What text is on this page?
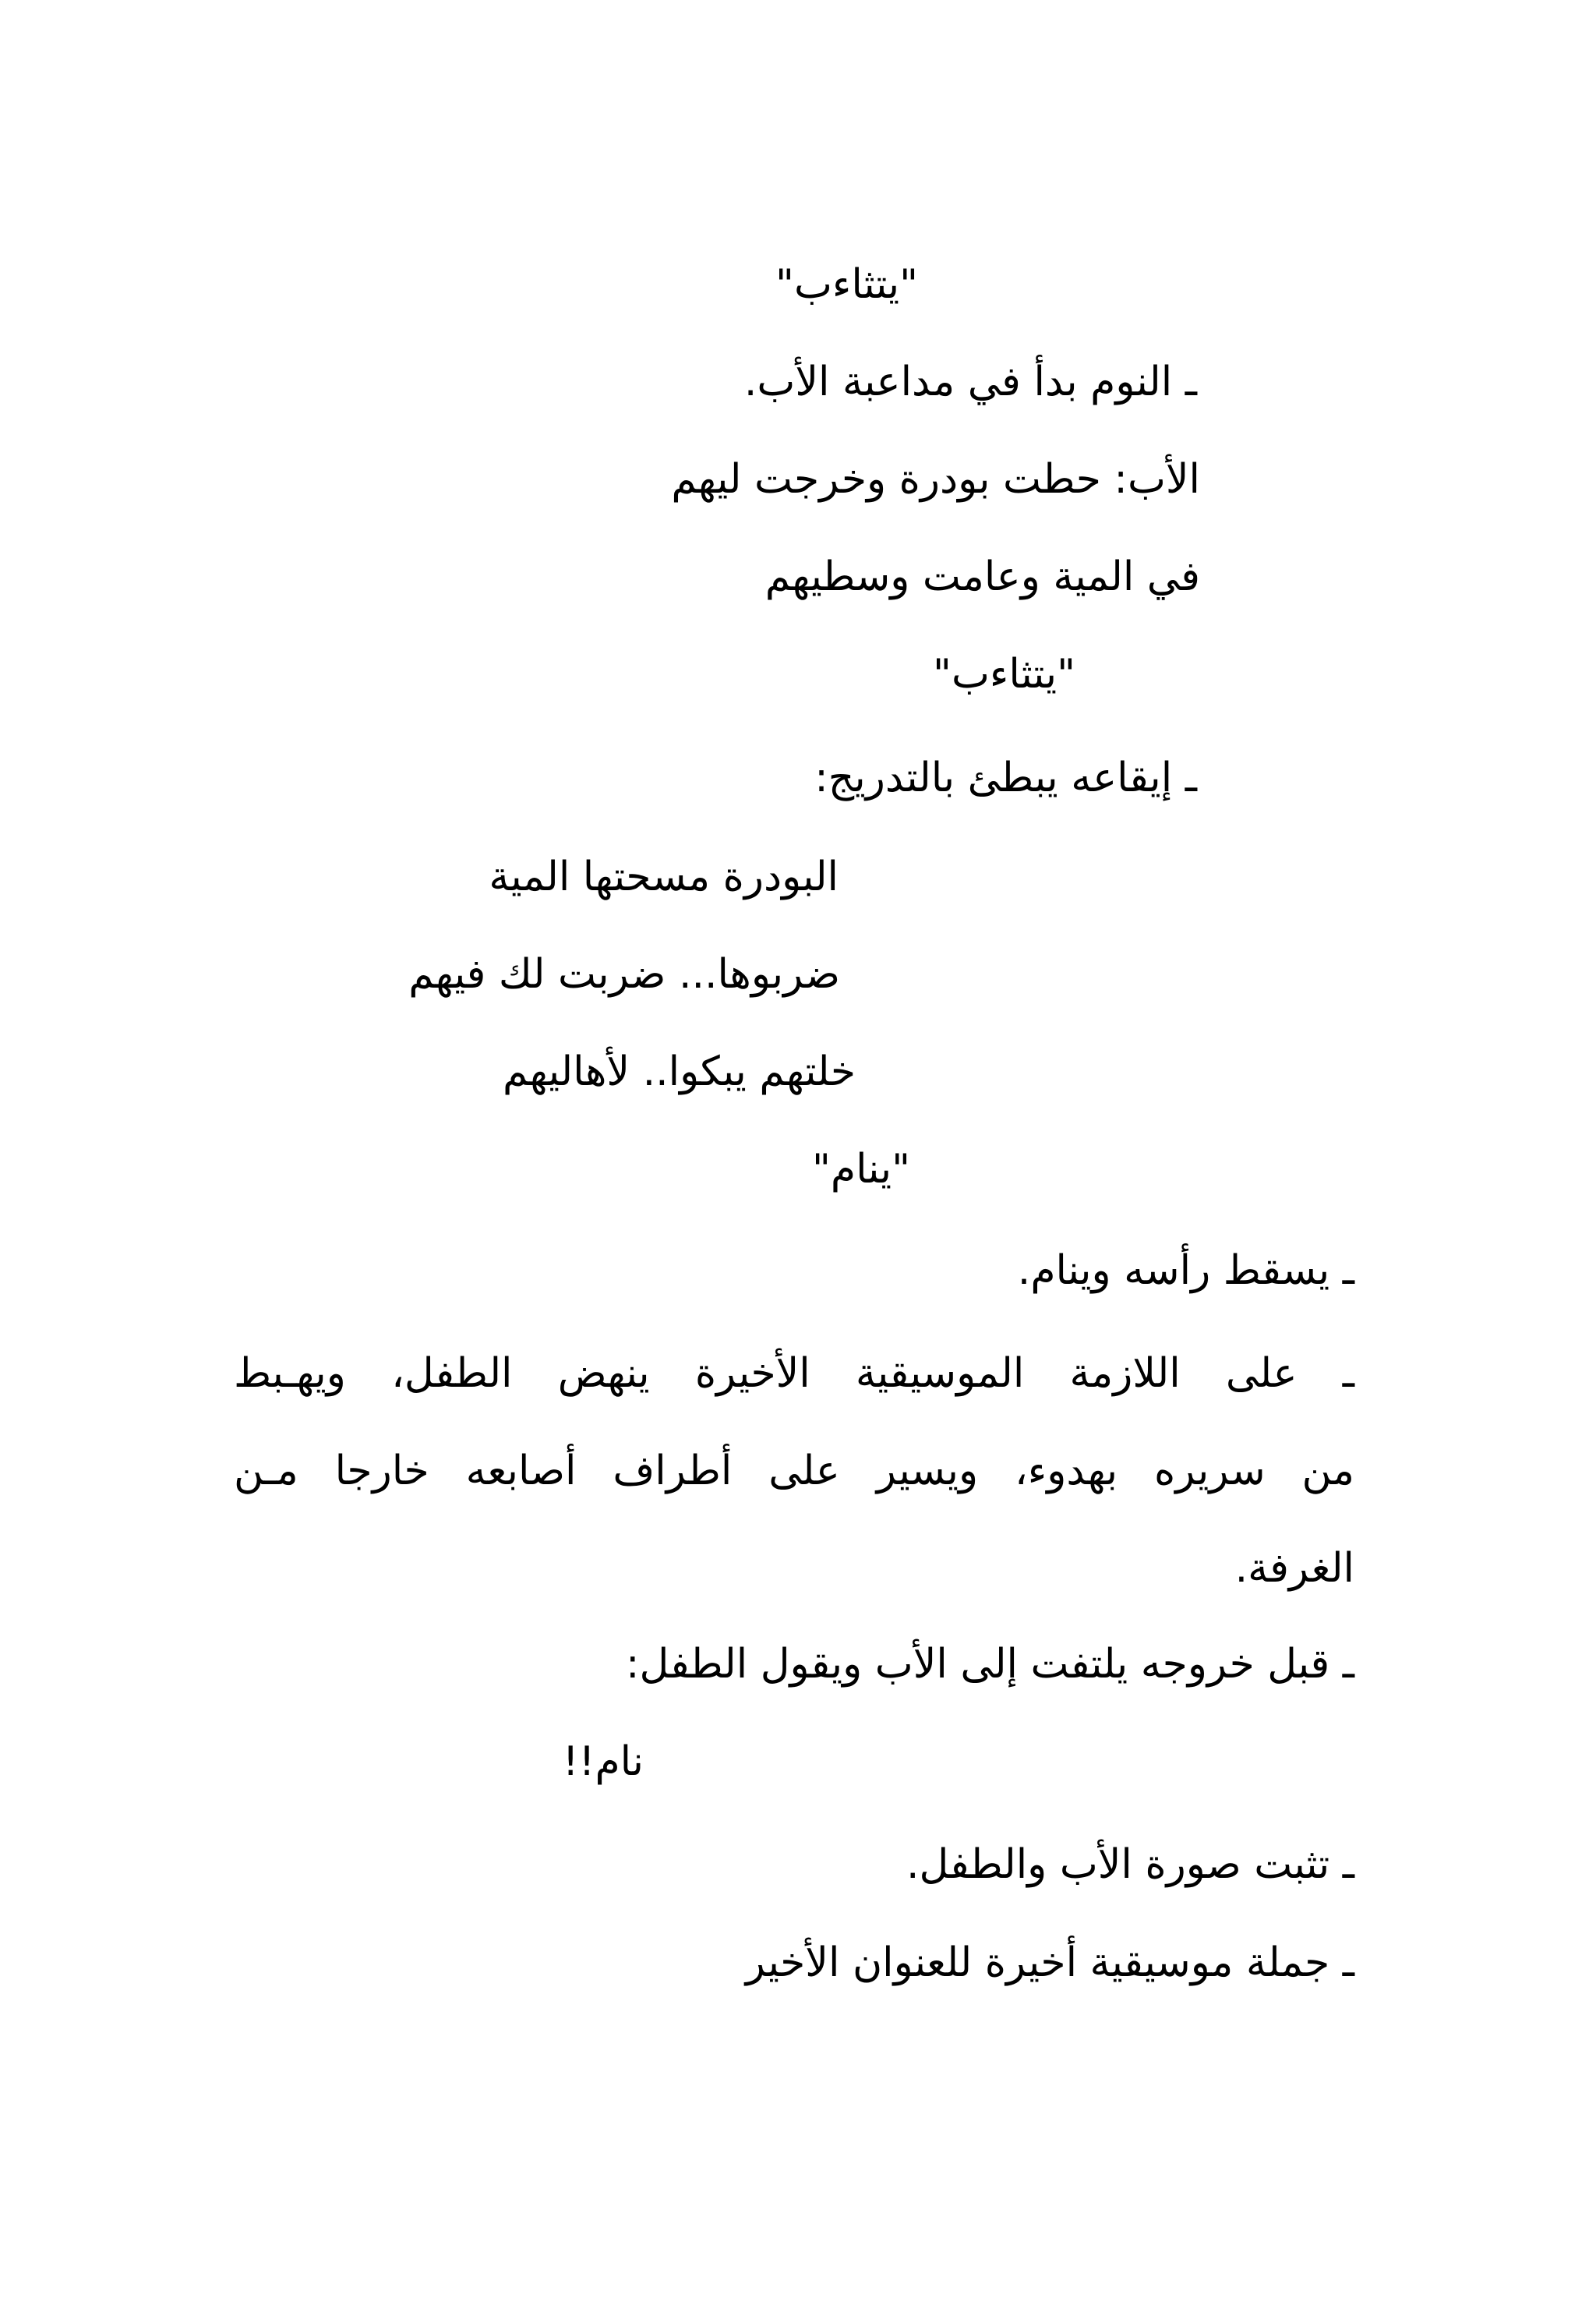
"يتثاءب"
ـ النوم بدأ في مداعبة الأب.
الأب: حطت بودرة وخرجت ليهم
في المية وعامت وسطيهم
"يتثاءب"
ـ إيقاعه يبطئ بالتدريج:
البودرة مسحتها المية
ضربوها... ضربت لك فيهم
خلتهم يبكوا.. لأهاليهم
"ينام"
ـ يسقط رأسه وينام.
ـ على اللازمة الموسيقية الأخيرة ينهض الطفل، ويهـبط
من سريره بهدوء، ويسير على أطراف أصابعه خارجا مـن
الغرفة.
ـ قبل خروجه يلتفت إلى الأب ويقول الطفل:
نام!!
ـ تثبت صورة الأب والطفل.
ـ جملة موسيقية أخيرة للعنوان الأخير
